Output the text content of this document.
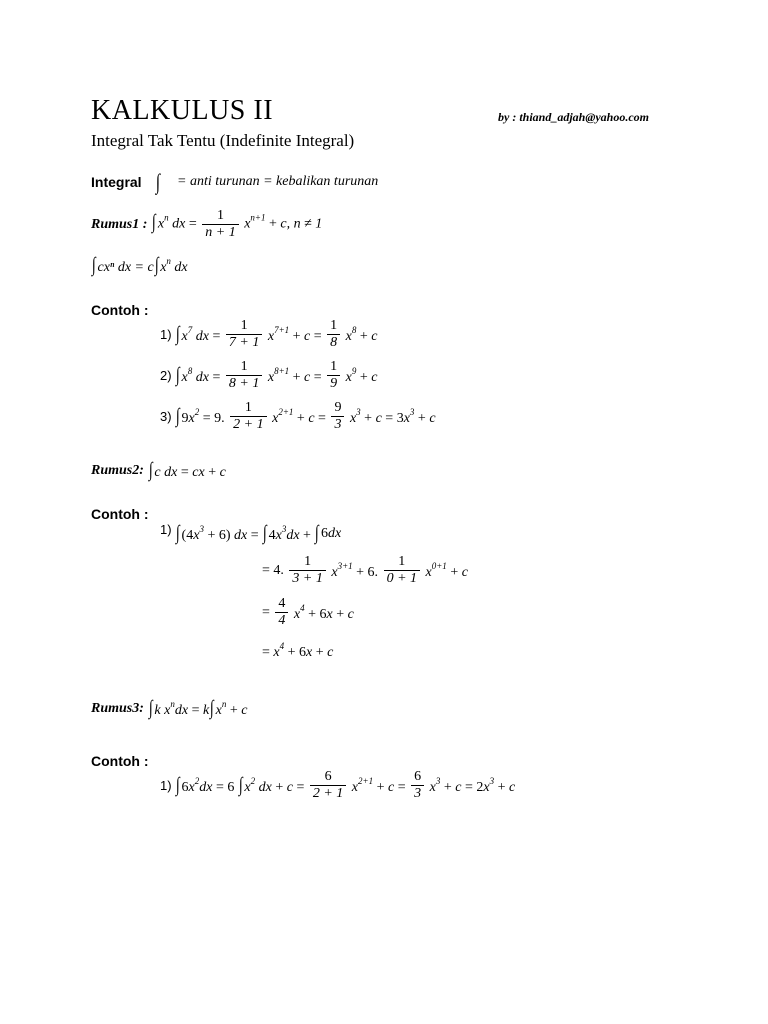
KALKULUS II	by : thiand_adjah@yahoo.com
Integral Tak Tentu (Indefinite Integral)
Integral ∫ = anti turunan = kebalikan turunan
Rumus1 : ∫ $x^n$ dx = $\frac{1}{n + 1} x^{n+1} + c$, n ≠ 1
∫ cxⁿ dx = c∫ $x^n$ dx
Contoh :
1) ∫ $x^7$ dx = $\frac{1}{7 + 1} x^{7+1} + c = \frac{1}{8} x^8 + c$
2) ∫ $x^8$ dx = $\frac{1}{8 + 1} x^{8+1} + c = \frac{1}{9} x^9 + c$
3) ∫ $9x^2 = 9$. $\frac{1}{2 + 1} x^{2+1} + c = \frac{9}{3} x^3 + c = 3x^3 + c$
Rumus2: ∫ c dx = cx + c
Contoh :
1) ∫ $(4x^3 + 6)$ dx = ∫ $4x^3dx$ + ∫ 6dx
= 4. $\frac{1}{3 + 1} x^{3+1} + 6$. $\frac{1}{0 + 1} x^{0+1} + c$
= $\frac{4}{4} x^4 + 6x + c$
= $x^4 + 6x + c$
Rumus3: ∫ k $x^ndx = k\int$ $x^n + c$
Contoh :
1) ∫ $6x^2dx = 6$ ∫ $x^2$ dx + $c = \frac{6}{2 + 1} x^{2+1} + c = \frac{6}{3} x^3 + c = 2x^3 + c$
